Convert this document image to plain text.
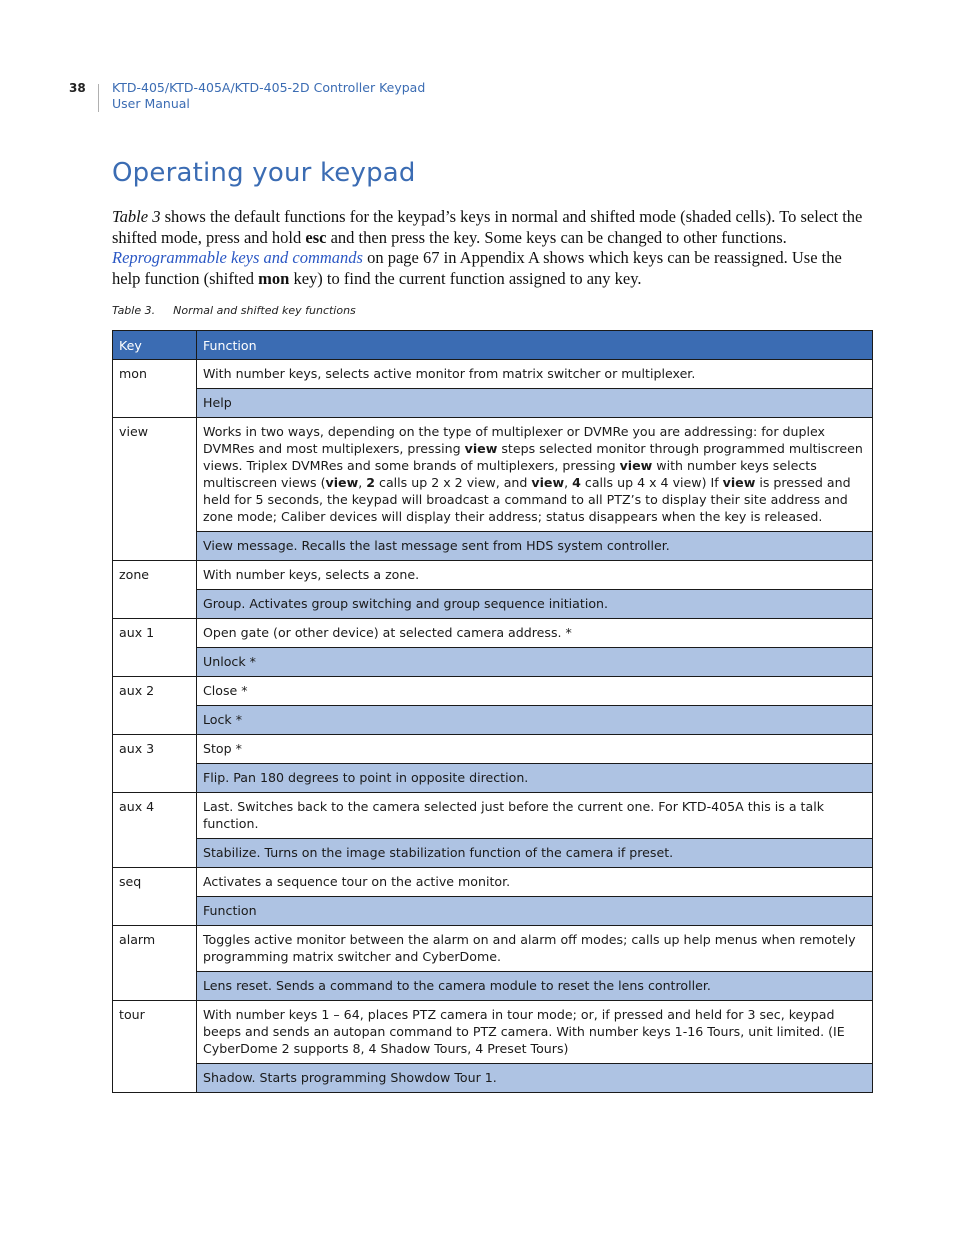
38 KTD-405/KTD-405A/KTD-405-2D Controller Keypad
User Manual
Operating your keypad

Table 3 shows the default functions for the keypad’s keys in normal and shifted mode (shaded cells). To select the shifted mode, press and hold esc and then press the key. Some keys can be changed to other functions. Reprogrammable keys and commands on page 67 in Appendix A shows which keys can be reassigned. Use the help function (shifted mon key) to find the current function assigned to any key.

Table 3. Normal and shifted key functions
Key	Function
mon	With number keys, selects active monitor from matrix switcher or multiplexer.
	Help
view	Works in two ways, depending on the type of multiplexer or DVMRe you are addressing: for duplex DVMRes and most multiplexers, pressing view steps selected monitor through programmed multiscreen views. Triplex DVMRes and some brands of multiplexers, pressing view with number keys selects multiscreen views (view, 2 calls up 2 x 2 view, and view, 4 calls up 4 x 4 view) If view is pressed and held for 5 seconds, the keypad will broadcast a command to all PTZ’s to display their site address and zone mode; Caliber devices will display their address; status disappears when the key is released.
	View message. Recalls the last message sent from HDS system controller.
zone	With number keys, selects a zone.
	Group. Activates group switching and group sequence initiation.
aux 1	Open gate (or other device) at selected camera address. *
	Unlock *
aux 2	Close *
	Lock *
aux 3	Stop *
	Flip. Pan 180 degrees to point in opposite direction.
aux 4	Last. Switches back to the camera selected just before the current one. For KTD-405A this is a talk function.
	Stabilize. Turns on the image stabilization function of the camera if preset.
seq	Activates a sequence tour on the active monitor.
	Function
alarm	Toggles active monitor between the alarm on and alarm off modes; calls up help menus when remotely programming matrix switcher and CyberDome.
	Lens reset. Sends a command to the camera module to reset the lens controller.
tour	With number keys 1 – 64, places PTZ camera in tour mode; or, if pressed and held for 3 sec, keypad beeps and sends an autopan command to PTZ camera. With number keys 1-16 Tours, unit limited. (IE CyberDome 2 supports 8, 4 Shadow Tours, 4 Preset Tours)
	Shadow. Starts programming Showdow Tour 1.
